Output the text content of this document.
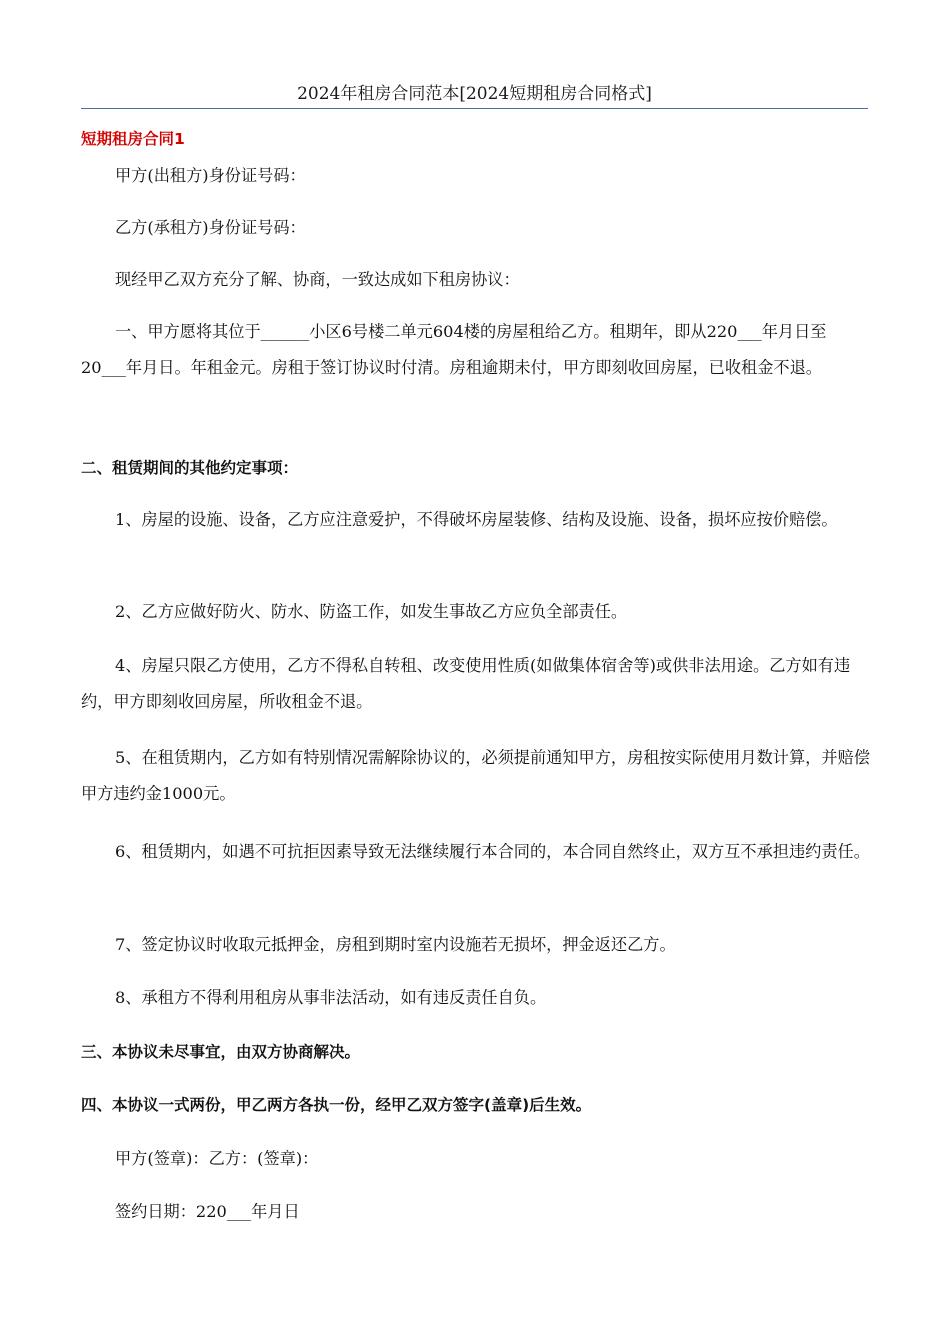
2024年租房合同范本[2024短期租房合同格式]

短期租房合同1

甲方(出租方)身份证号码：

乙方(承租方)身份证号码：

现经甲乙双方充分了解、协商，一致达成如下租房协议：

一、甲方愿将其位于______小区6号楼二单元604楼的房屋租给乙方。租期年，即从220___年月日至20___年月日。年租金元。房租于签订协议时付清。房租逾期未付，甲方即刻收回房屋，已收租金不退。

二、租赁期间的其他约定事项：

1、房屋的设施、设备，乙方应注意爱护，不得破坏房屋装修、结构及设施、设备，损坏应按价赔偿。

2、乙方应做好防火、防水、防盗工作，如发生事故乙方应负全部责任。

4、房屋只限乙方使用，乙方不得私自转租、改变使用性质(如做集体宿舍等)或供非法用途。乙方如有违约，甲方即刻收回房屋，所收租金不退。

5、在租赁期内，乙方如有特别情况需解除协议的，必须提前通知甲方，房租按实际使用月数计算，并赔偿甲方违约金1000元。

6、租赁期内，如遇不可抗拒因素导致无法继续履行本合同的，本合同自然终止，双方互不承担违约责任。

7、签定协议时收取元抵押金，房租到期时室内设施若无损坏，押金返还乙方。

8、承租方不得利用租房从事非法活动，如有违反责任自负。

三、本协议未尽事宜，由双方协商解决。

四、本协议一式两份，甲乙两方各执一份，经甲乙双方签字(盖章)后生效。

甲方(签章)：乙方：(签章)：

签约日期：220___年月日
